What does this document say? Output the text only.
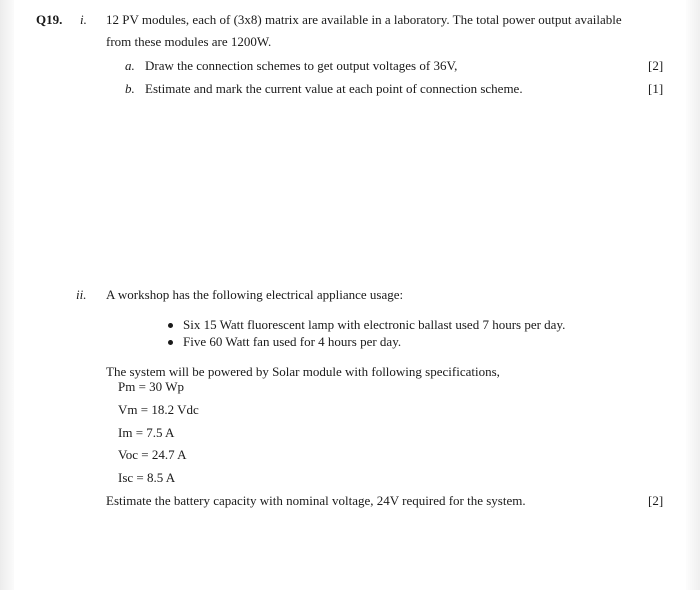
Q19. i. 12 PV modules, each of (3x8) matrix are available in a laboratory. The total power output available
from these modules are 1200W.
a. Draw the connection schemes to get output voltages of 36V,	[2]
b. Estimate and mark the current value at each point of connection scheme.	[1]
ii. A workshop has the following electrical appliance usage:
Six 15 Watt fluorescent lamp with electronic ballast used 7 hours per day.
Five 60 Watt fan used for 4 hours per day.
The system will be powered by Solar module with following specifications,
Pm = 30 Wp
Vm = 18.2 Vdc
Im = 7.5 A
Voc = 24.7 A
Isc = 8.5 A
Estimate the battery capacity with nominal voltage, 24V required for the system.	[2]
